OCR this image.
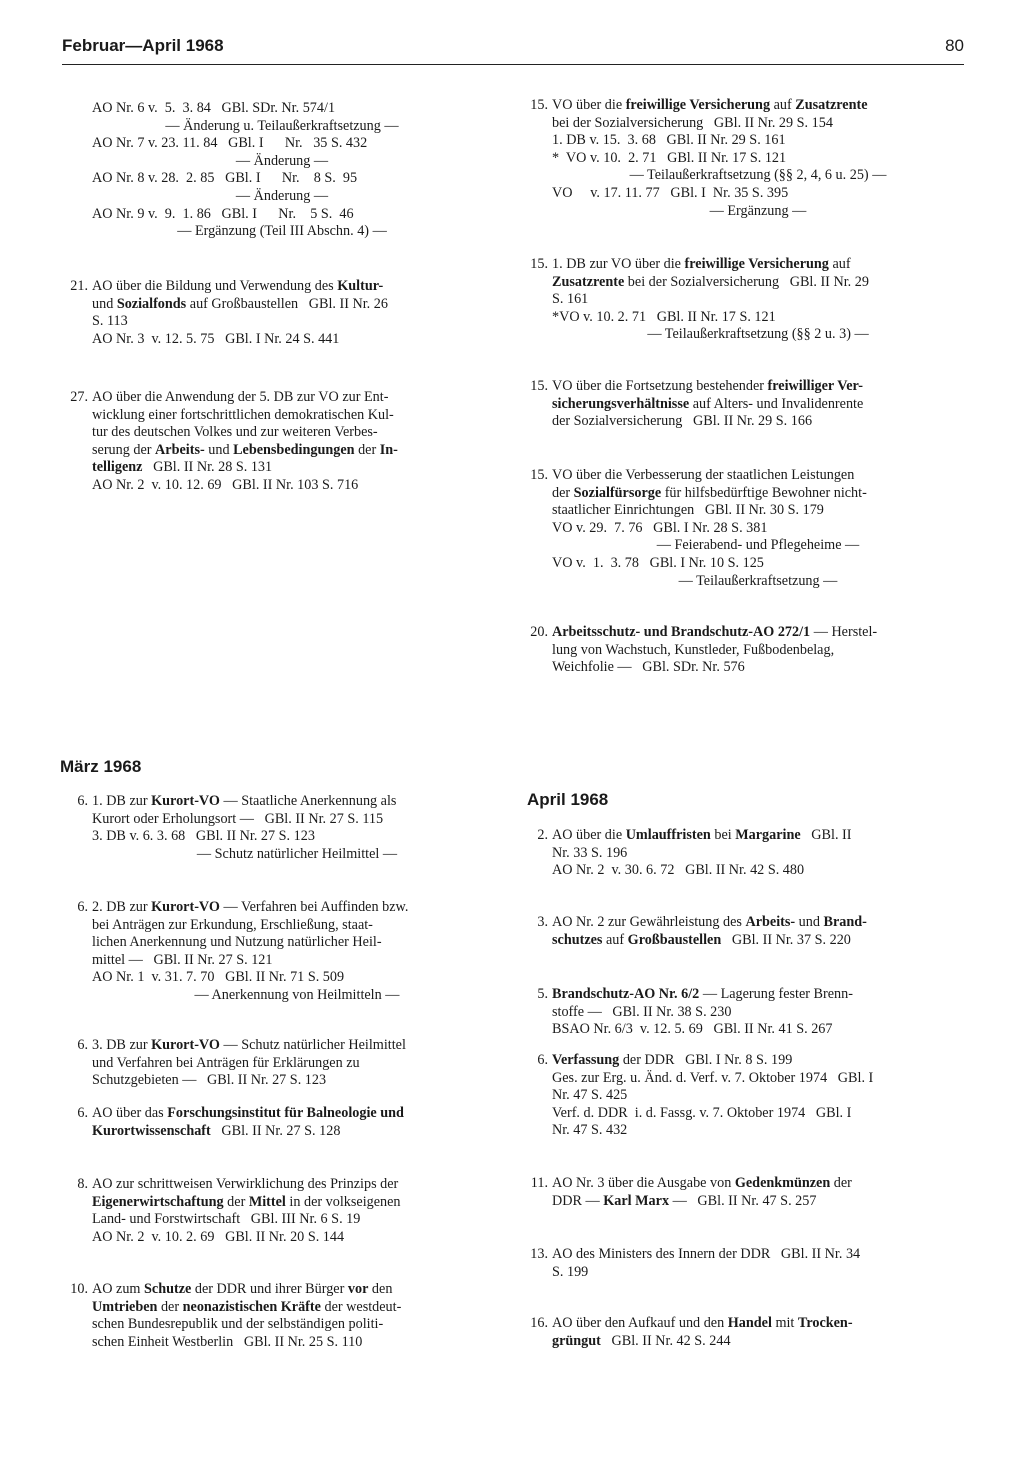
Februar—April 1968	80
AO Nr. 6 v.  5.  3. 84   GBl. SDr. Nr. 574/1
— Änderung u. Teilaußerkraftsetzung —
AO Nr. 7 v. 23. 11. 84   GBl. I      Nr.   35 S. 432
— Änderung —
AO Nr. 8 v. 28.  2. 85   GBl. I      Nr.    8 S.  95
— Änderung —
AO Nr. 9 v.  9.  1. 86   GBl. I      Nr.    5 S.  46
— Ergänzung (Teil III Abschn. 4) —
21. AO über die Bildung und Verwendung des Kultur-
und Sozialfonds auf Großbaustellen   GBl. II Nr. 26
S. 113
AO Nr. 3  v. 12. 5. 75   GBl. I Nr. 24 S. 441
27. AO über die Anwendung der 5. DB zur VO zur Ent-
wicklung einer fortschrittlichen demokratischen Kul-
tur des deutschen Volkes und zur weiteren Verbes-
serung der Arbeits- und Lebensbedingungen der In-
telligenz   GBl. II Nr. 28 S. 131
AO Nr. 2  v. 10. 12. 69   GBl. II Nr. 103 S. 716
15. VO über die freiwillige Versicherung auf Zusatzrente
bei der Sozialversicherung   GBl. II Nr. 29 S. 154
1. DB v. 15.  3. 68   GBl. II Nr. 29 S. 161
*  VO v. 10.  2. 71   GBl. II Nr. 17 S. 121
— Teilaußerkraftsetzung (§§ 2, 4, 6 u. 25) —
VO     v. 17. 11. 77   GBl. I  Nr. 35 S. 395
— Ergänzung —
15. 1. DB zur VO über die freiwillige Versicherung auf
Zusatzrente bei der Sozialversicherung   GBl. II Nr. 29
S. 161
*VO v. 10. 2. 71   GBl. II Nr. 17 S. 121
— Teilaußerkraftsetzung (§§ 2 u. 3) —
15. VO über die Fortsetzung bestehender freiwilliger Ver-
sicherungsverhältnisse auf Alters- und Invalidenrente
der Sozialversicherung   GBl. II Nr. 29 S. 166
15. VO über die Verbesserung der staatlichen Leistungen
der Sozialfürsorge für hilfsbedürftige Bewohner nicht-
staatlicher Einrichtungen   GBl. II Nr. 30 S. 179
VO v. 29.  7. 76   GBl. I Nr. 28 S. 381
— Feierabend- und Pflegeheime —
VO v.  1.  3. 78   GBl. I Nr. 10 S. 125
— Teilaußerkraftsetzung —
20. Arbeitsschutz- und Brandschutz-AO 272/1 — Herstel-
lung von Wachstuch, Kunstleder, Fußbodenbelag,
Weichfolie —   GBl. SDr. Nr. 576
März 1968
6. 1. DB zur Kurort-VO — Staatliche Anerkennung als
Kurort oder Erholungsort —   GBl. II Nr. 27 S. 115
3. DB v. 6. 3. 68   GBl. II Nr. 27 S. 123
— Schutz natürlicher Heilmittel —
6. 2. DB zur Kurort-VO — Verfahren bei Auffinden bzw.
bei Anträgen zur Erkundung, Erschließung, staat-
lichen Anerkennung und Nutzung natürlicher Heil-
mittel —   GBl. II Nr. 27 S. 121
AO Nr. 1  v. 31. 7. 70   GBl. II Nr. 71 S. 509
— Anerkennung von Heilmitteln —
6. 3. DB zur Kurort-VO — Schutz natürlicher Heilmittel
und Verfahren bei Anträgen für Erklärungen zu
Schutzgebieten —   GBl. II Nr. 27 S. 123
6. AO über das Forschungsinstitut für Balneologie und
Kurortwissenschaft   GBl. II Nr. 27 S. 128
8. AO zur schrittweisen Verwirklichung des Prinzips der
Eigenerwirtschaftung der Mittel in der volkseigenen
Land- und Forstwirtschaft   GBl. III Nr. 6 S. 19
AO Nr. 2  v. 10. 2. 69   GBl. II Nr. 20 S. 144
10. AO zum Schutze der DDR und ihrer Bürger vor den
Umtrieben der neonazistischen Kräfte der westdeut-
schen Bundesrepublik und der selbständigen politi-
schen Einheit Westberlin   GBl. II Nr. 25 S. 110
April 1968
2. AO über die Umlauffristen bei Margarine   GBl. II
Nr. 33 S. 196
AO Nr. 2  v. 30. 6. 72   GBl. II Nr. 42 S. 480
3. AO Nr. 2 zur Gewährleistung des Arbeits- und Brand-
schutzes auf Großbaustellen   GBl. II Nr. 37 S. 220
5. Brandschutz-AO Nr. 6/2 — Lagerung fester Brenn-
stoffe —   GBl. II Nr. 38 S. 230
BSAO Nr. 6/3  v. 12. 5. 69   GBl. II Nr. 41 S. 267
6. Verfassung der DDR   GBl. I Nr. 8 S. 199
Ges. zur Erg. u. Änd. d. Verf. v. 7. Oktober 1974   GBl. I
Nr. 47 S. 425
Verf. d. DDR  i. d. Fassg. v. 7. Oktober 1974   GBl. I
Nr. 47 S. 432
11. AO Nr. 3 über die Ausgabe von Gedenkmünzen der
DDR — Karl Marx —   GBl. II Nr. 47 S. 257
13. AO des Ministers des Innern der DDR   GBl. II Nr. 34
S. 199
16. AO über den Aufkauf und den Handel mit Trocken-
grüngut   GBl. II Nr. 42 S. 244
